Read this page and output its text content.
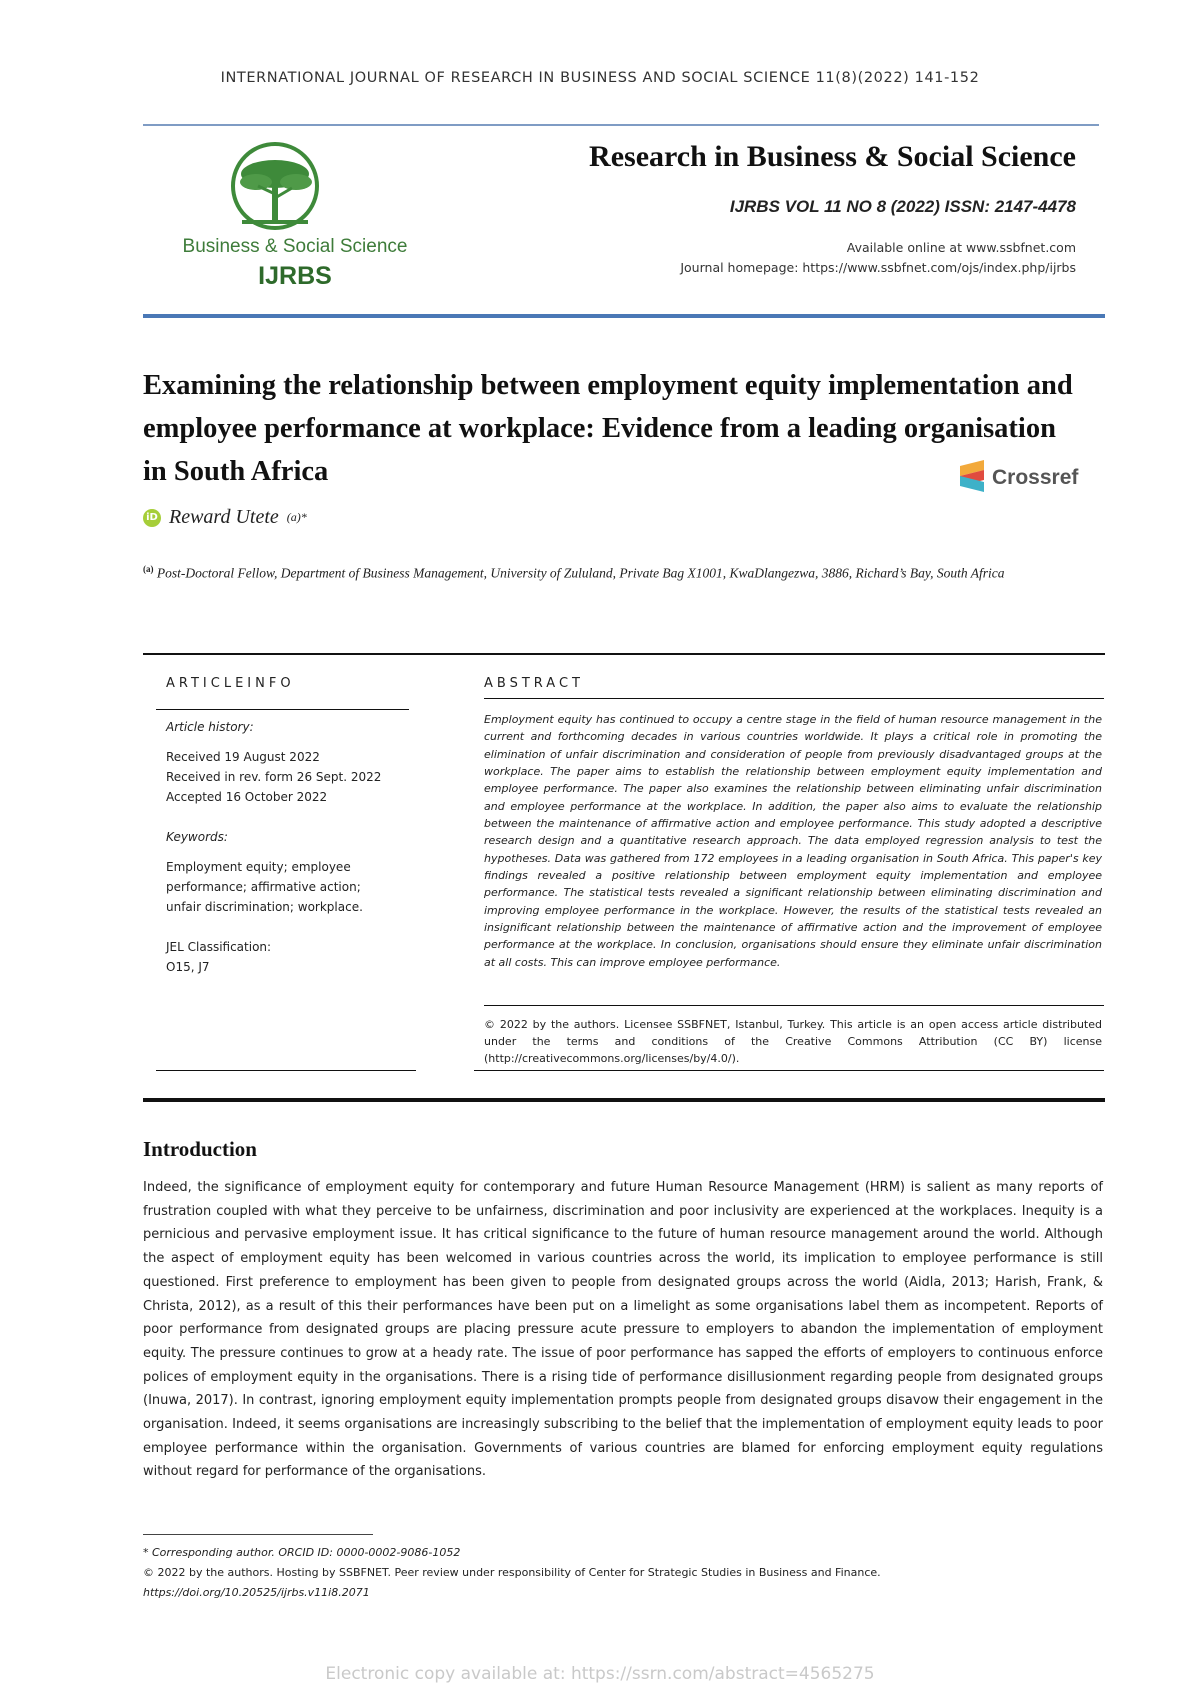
INTERNATIONAL JOURNAL OF RESEARCH IN BUSINESS AND SOCIAL SCIENCE 11(8)(2022) 141-152
Business & Social Science
IJRBS
Research in Business & Social Science
IJRBS VOL 11 NO 8 (2022) ISSN: 2147-4478
Available online at www.ssbfnet.com
Journal homepage: https://www.ssbfnet.com/ojs/index.php/ijrbs
Examining the relationship between employment equity implementation and employee performance at workplace: Evidence from a leading organisation in South Africa	Crossref
iD Reward Utete (a)*
$^{(a)}$ Post-Doctoral Fellow, Department of Business Management, University of Zululand, Private Bag X1001, KwaDlangezwa, 3886, Richard’s Bay, South Africa
ARTICLEINFO
Article history:
Received 19 August 2022
Received in rev. form 26 Sept. 2022
Accepted 16 October 2022
Keywords:
Employment equity; employee
performance; affirmative action;
unfair discrimination; workplace.
JEL Classification:
O15, J7
ABSTRACT
Employment equity has continued to occupy a centre stage in the field of human resource management in the current and forthcoming decades in various countries worldwide. It plays a critical role in promoting the elimination of unfair discrimination and consideration of people from previously disadvantaged groups at the workplace. The paper aims to establish the relationship between employment equity implementation and employee performance. The paper also examines the relationship between eliminating unfair discrimination and employee performance at the workplace. In addition, the paper also aims to evaluate the relationship between the maintenance of affirmative action and employee performance. This study adopted a descriptive research design and a quantitative research approach. The data employed regression analysis to test the hypotheses. Data was gathered from 172 employees in a leading organisation in South Africa. This paper's key findings revealed a positive relationship between employment equity implementation and employee performance. The statistical tests revealed a significant relationship between eliminating discrimination and improving employee performance in the workplace. However, the results of the statistical tests revealed an insignificant relationship between the maintenance of affirmative action and the improvement of employee performance at the workplace. In conclusion, organisations should ensure they eliminate unfair discrimination at all costs. This can improve employee performance.
© 2022 by the authors. Licensee SSBFNET, Istanbul, Turkey. This article is an open access article distributed under the terms and conditions of the Creative Commons Attribution (CC BY) license (http://creativecommons.org/licenses/by/4.0/).
Introduction
Indeed, the significance of employment equity for contemporary and future Human Resource Management (HRM) is salient as many reports of frustration coupled with what they perceive to be unfairness, discrimination and poor inclusivity are experienced at the workplaces. Inequity is a pernicious and pervasive employment issue. It has critical significance to the future of human resource management around the world. Although the aspect of employment equity has been welcomed in various countries across the world, its implication to employee performance is still questioned. First preference to employment has been given to people from designated groups across the world (Aidla, 2013; Harish, Frank, & Christa, 2012), as a result of this their performances have been put on a limelight as some organisations label them as incompetent. Reports of poor performance from designated groups are placing pressure acute pressure to employers to abandon the implementation of employment equity. The pressure continues to grow at a heady rate. The issue of poor performance has sapped the efforts of employers to continuous enforce polices of employment equity in the organisations. There is a rising tide of performance disillusionment regarding people from designated groups (Inuwa, 2017). In contrast, ignoring employment equity implementation prompts people from designated groups disavow their engagement in the organisation. Indeed, it seems organisations are increasingly subscribing to the belief that the implementation of employment equity leads to poor employee performance within the organisation. Governments of various countries are blamed for enforcing employment equity regulations without regard for performance of the organisations.
* Corresponding author. ORCID ID: 0000-0002-9086-1052
© 2022 by the authors. Hosting by SSBFNET. Peer review under responsibility of Center for Strategic Studies in Business and Finance.
https://doi.org/10.20525/ijrbs.v11i8.2071
Electronic copy available at: https://ssrn.com/abstract=4565275
